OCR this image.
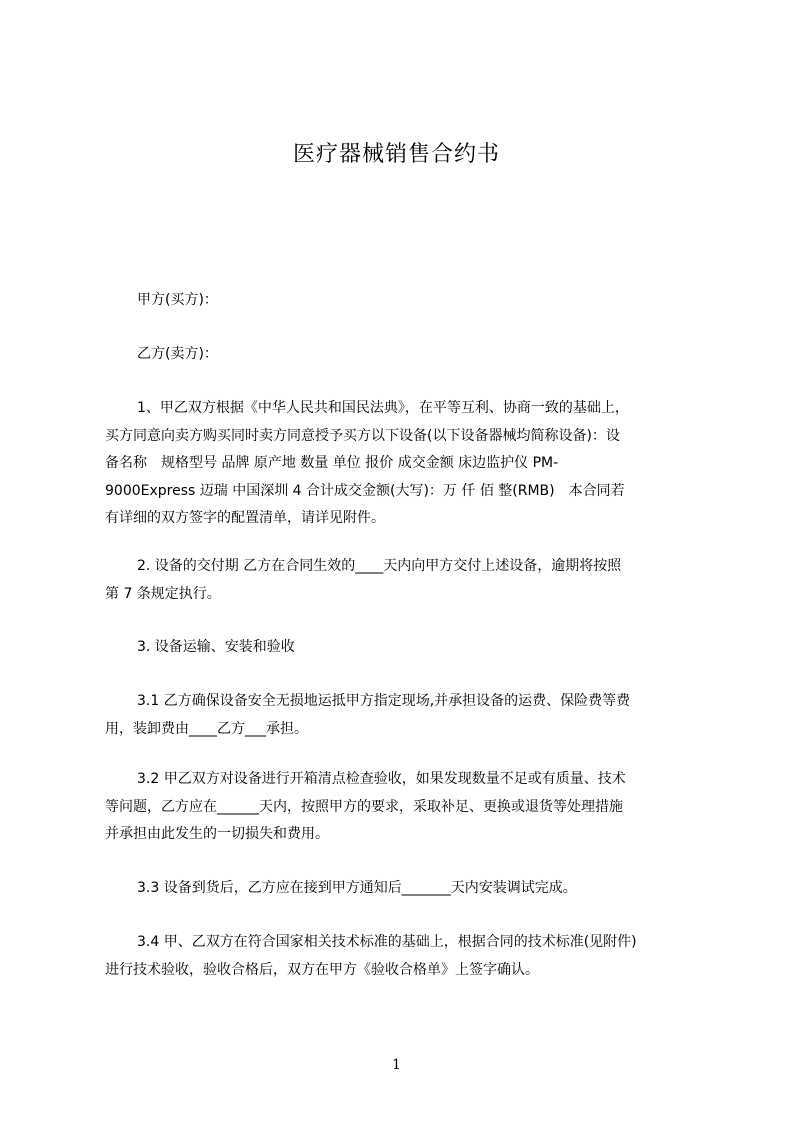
医疗器械销售合约书

甲方(买方)：

乙方(卖方)：

1、甲乙双方根据《中华人民共和国民法典》，在平等互利、协商一致的基础上，
买方同意向卖方购买同时卖方同意授予买方以下设备(以下设备器械均简称设备)：设
备名称　规格型号 品牌 原产地 数量 单位 报价 成交金额 床边监护仪 PM-
9000Express 迈瑞 中国深圳 4 合计成交金额(大写)：万 仟 佰 整(RMB)　本合同若
有详细的双方签字的配置清单，请详见附件。

2. 设备的交付期 乙方在合同生效的____天内向甲方交付上述设备，逾期将按照
第 7 条规定执行。

3. 设备运输、安装和验收

3.1 乙方确保设备安全无损地运抵甲方指定现场,并承担设备的运费、保险费等费
用，装卸费由____乙方___承担。

3.2 甲乙双方对设备进行开箱清点检查验收，如果发现数量不足或有质量、技术
等问题，乙方应在______天内，按照甲方的要求，采取补足、更换或退货等处理措施
并承担由此发生的一切损失和费用。

3.3 设备到货后，乙方应在接到甲方通知后_______天内安装调试完成。

3.4 甲、乙双方在符合国家相关技术标准的基础上，根据合同的技术标准(见附件)
进行技术验收，验收合格后，双方在甲方《验收合格单》上签字确认。

1
